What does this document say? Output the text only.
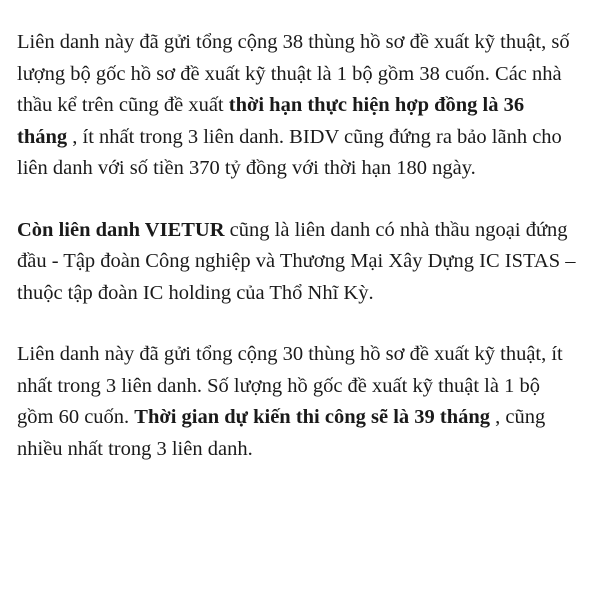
Liên danh này đã gửi tổng cộng 38 thùng hồ sơ đề xuất kỹ thuật, số lượng bộ gốc hồ sơ đề xuất kỹ thuật là 1 bộ gồm 38 cuốn. Các nhà thầu kể trên cũng đề xuất thời hạn thực hiện hợp đồng là 36 tháng , ít nhất trong 3 liên danh. BIDV cũng đứng ra bảo lãnh cho liên danh với số tiền 370 tỷ đồng với thời hạn 180 ngày.

Còn liên danh VIETUR cũng là liên danh có nhà thầu ngoại đứng đầu - Tập đoàn Công nghiệp và Thương Mại Xây Dựng IC ISTAS – thuộc tập đoàn IC holding của Thổ Nhĩ Kỳ.

Liên danh này đã gửi tổng cộng 30 thùng hồ sơ đề xuất kỹ thuật, ít nhất trong 3 liên danh. Số lượng hồ gốc đề xuất kỹ thuật là 1 bộ gồm 60 cuốn. Thời gian dự kiến thi công sẽ là 39 tháng , cũng nhiều nhất trong 3 liên danh.
